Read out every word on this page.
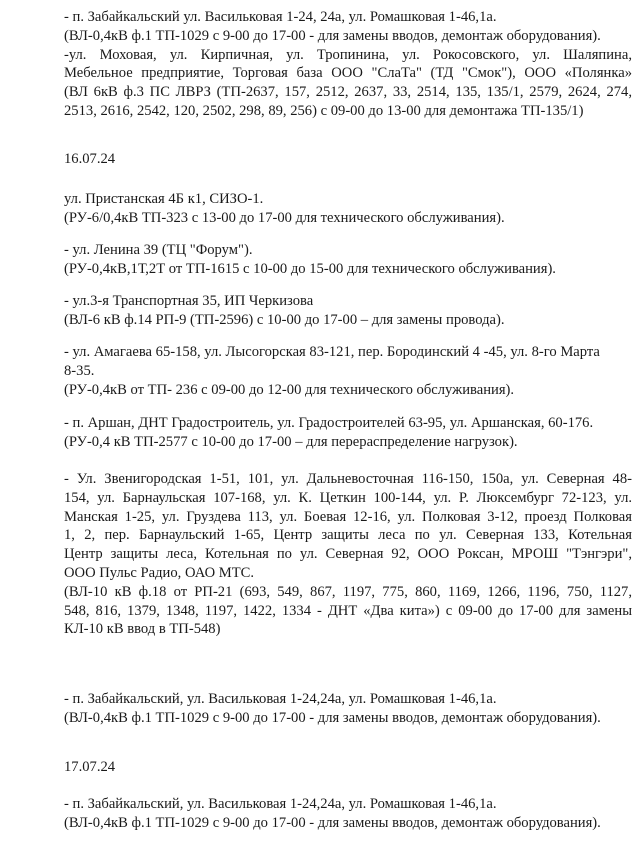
- п. Забайкальский ул. Васильковая 1-24, 24а, ул. Ромашковая 1-46,1а.

(ВЛ-0,4кВ ф.1 ТП-1029 с 9-00 до 17-00 - для замены вводов, демонтаж оборудования).

-ул. Моховая, ул. Кирпичная, ул. Тропинина, ул. Рокосовского, ул. Шаляпина,

Мебельное предприятие, Торговая база ООО "СлаТа" (ТД "Смок"), ООО «Полянка»

(ВЛ 6кВ ф.3 ПС ЛВРЗ (ТП-2637, 157, 2512, 2637, 33, 2514, 135, 135/1, 2579, 2624, 274,

2513, 2616, 2542, 120, 2502, 298, 89, 256) с 09-00 до 13-00 для демонтажа ТП-135/1)

16.07.24

ул. Пристанская 4Б к1, СИЗО-1.

(РУ-6/0,4кВ ТП-323 с 13-00 до 17-00 для технического обслуживания).

- ул. Ленина 39 (ТЦ "Форум").

(РУ-0,4кВ,1Т,2Т от ТП-1615 с 10-00 до 15-00 для технического обслуживания).

- ул.3-я Транспортная 35, ИП Черкизова

(ВЛ-6 кВ ф.14 РП-9 (ТП-2596) с 10-00 до 17-00 – для замены провода).

- ул. Амагаева 65-158, ул. Лысогорская 83-121, пер. Бородинский 4 -45, ул. 8-го Марта

8-35.

(РУ-0,4кВ от ТП- 236 с 09-00 до 12-00 для технического обслуживания).

- п. Аршан, ДНТ Градостроитель, ул. Градостроителей 63-95, ул. Аршанская, 60-176.

(РУ-0,4 кВ ТП-2577 с 10-00 до 17-00 – для перераспределение нагрузок).

- Ул. Звенигородская 1-51, 101, ул. Дальневосточная 116-150, 150а, ул. Северная 48-

154, ул. Барнаульская 107-168, ул. К. Цеткин 100-144, ул. Р. Люксембург 72-123, ул.

Манская 1-25, ул. Груздева 113, ул. Боевая 12-16, ул. Полковая 3-12, проезд Полковая

1, 2, пер. Барнаульский 1-65, Центр защиты леса по ул. Северная 133, Котельная

Центр защиты леса, Котельная по ул. Северная 92, ООО Роксан, МРОШ "Тэнгэри",

ООО Пульс Радио, ОАО МТС.

(ВЛ-10 кВ ф.18 от РП-21 (693, 549, 867, 1197, 775, 860, 1169, 1266, 1196, 750, 1127,

548, 816, 1379, 1348, 1197, 1422, 1334 - ДНТ «Два кита») с 09-00 до 17-00 для замены

КЛ-10 кВ ввод в ТП-548)

- п. Забайкальский, ул. Васильковая 1-24,24а, ул. Ромашковая 1-46,1а.

(ВЛ-0,4кВ ф.1 ТП-1029 с 9-00 до 17-00 - для замены вводов, демонтаж оборудования).

17.07.24

- п. Забайкальский, ул. Васильковая 1-24,24а, ул. Ромашковая 1-46,1а.

(ВЛ-0,4кВ ф.1 ТП-1029 с 9-00 до 17-00 - для замены вводов, демонтаж оборудования).
